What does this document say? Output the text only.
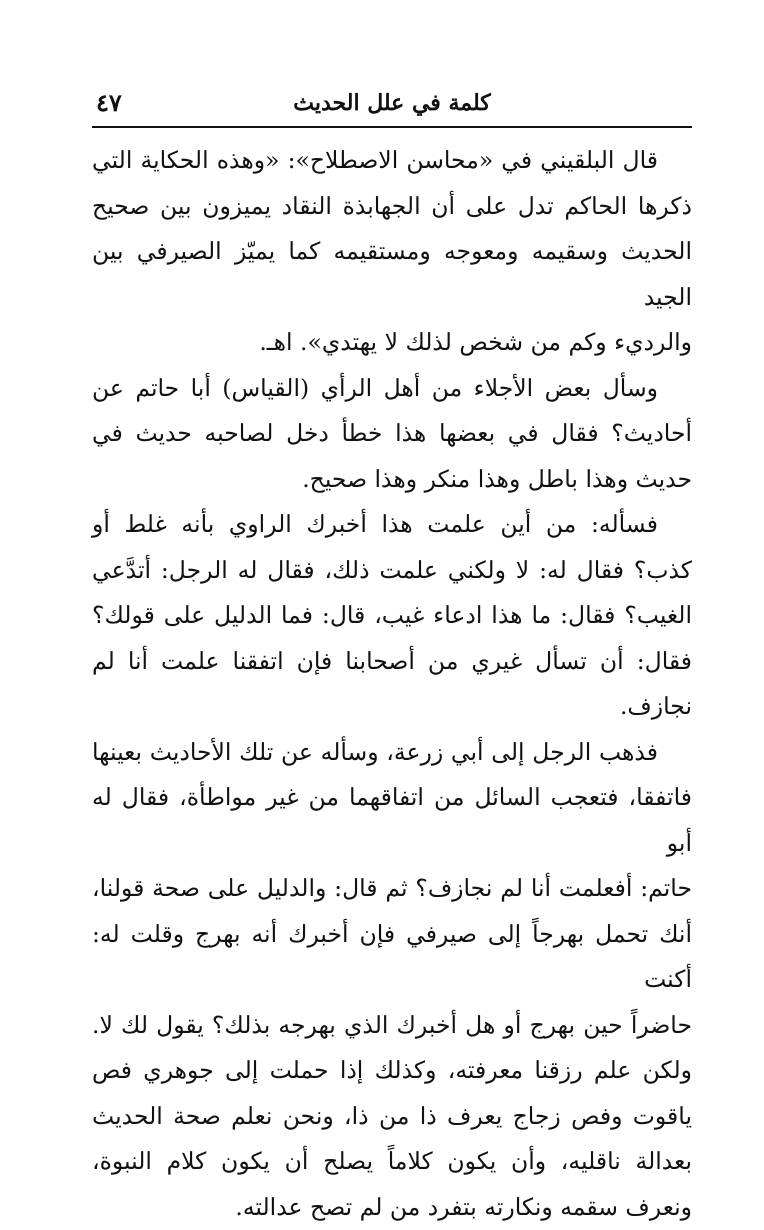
كلمة في علل الحديث
٤٧

قال البلقيني في «محاسن الاصطلاح»: «وهذه الحكاية التي
ذكرها الحاكم تدل على أن الجهابذة النقاد يميزون بين صحيح
الحديث وسقيمه ومعوجه ومستقيمه كما يميّز الصيرفي بين الجيد
والرديء وكم من شخص لذلك لا يهتدي». اهـ.

وسأل بعض الأجلاء من أهل الرأي (القياس) أبا حاتم عن
أحاديث؟ فقال في بعضها هذا خطأ دخل لصاحبه حديث في
حديث وهذا باطل وهذا منكر وهذا صحيح.

فسأله: من أين علمت هذا أخبرك الراوي بأنه غلط أو
كذب؟ فقال له: لا ولكني علمت ذلك، فقال له الرجل: أتدَّعي
الغيب؟ فقال: ما هذا ادعاء غيب، قال: فما الدليل على قولك؟
فقال: أن تسأل غيري من أصحابنا فإن اتفقنا علمت أنا لم نجازف.

فذهب الرجل إلى أبي زرعة، وسأله عن تلك الأحاديث بعينها
فاتفقا، فتعجب السائل من اتفاقهما من غير مواطأة، فقال له أبو
حاتم: أفعلمت أنا لم نجازف؟ ثم قال: والدليل على صحة قولنا،
أنك تحمل بهرجاً إلى صيرفي فإن أخبرك أنه بهرج وقلت له: أكنت
حاضراً حين بهرج أو هل أخبرك الذي بهرجه بذلك؟ يقول لك لا.
ولكن علم رزقنا معرفته، وكذلك إذا حملت إلى جوهري فص
ياقوت وفص زجاج يعرف ذا من ذا، ونحن نعلم صحة الحديث
بعدالة ناقليه، وأن يكون كلاماً يصلح أن يكون كلام النبوة،
ونعرف سقمه ونكارته بتفرد من لم تصح عدالته.
